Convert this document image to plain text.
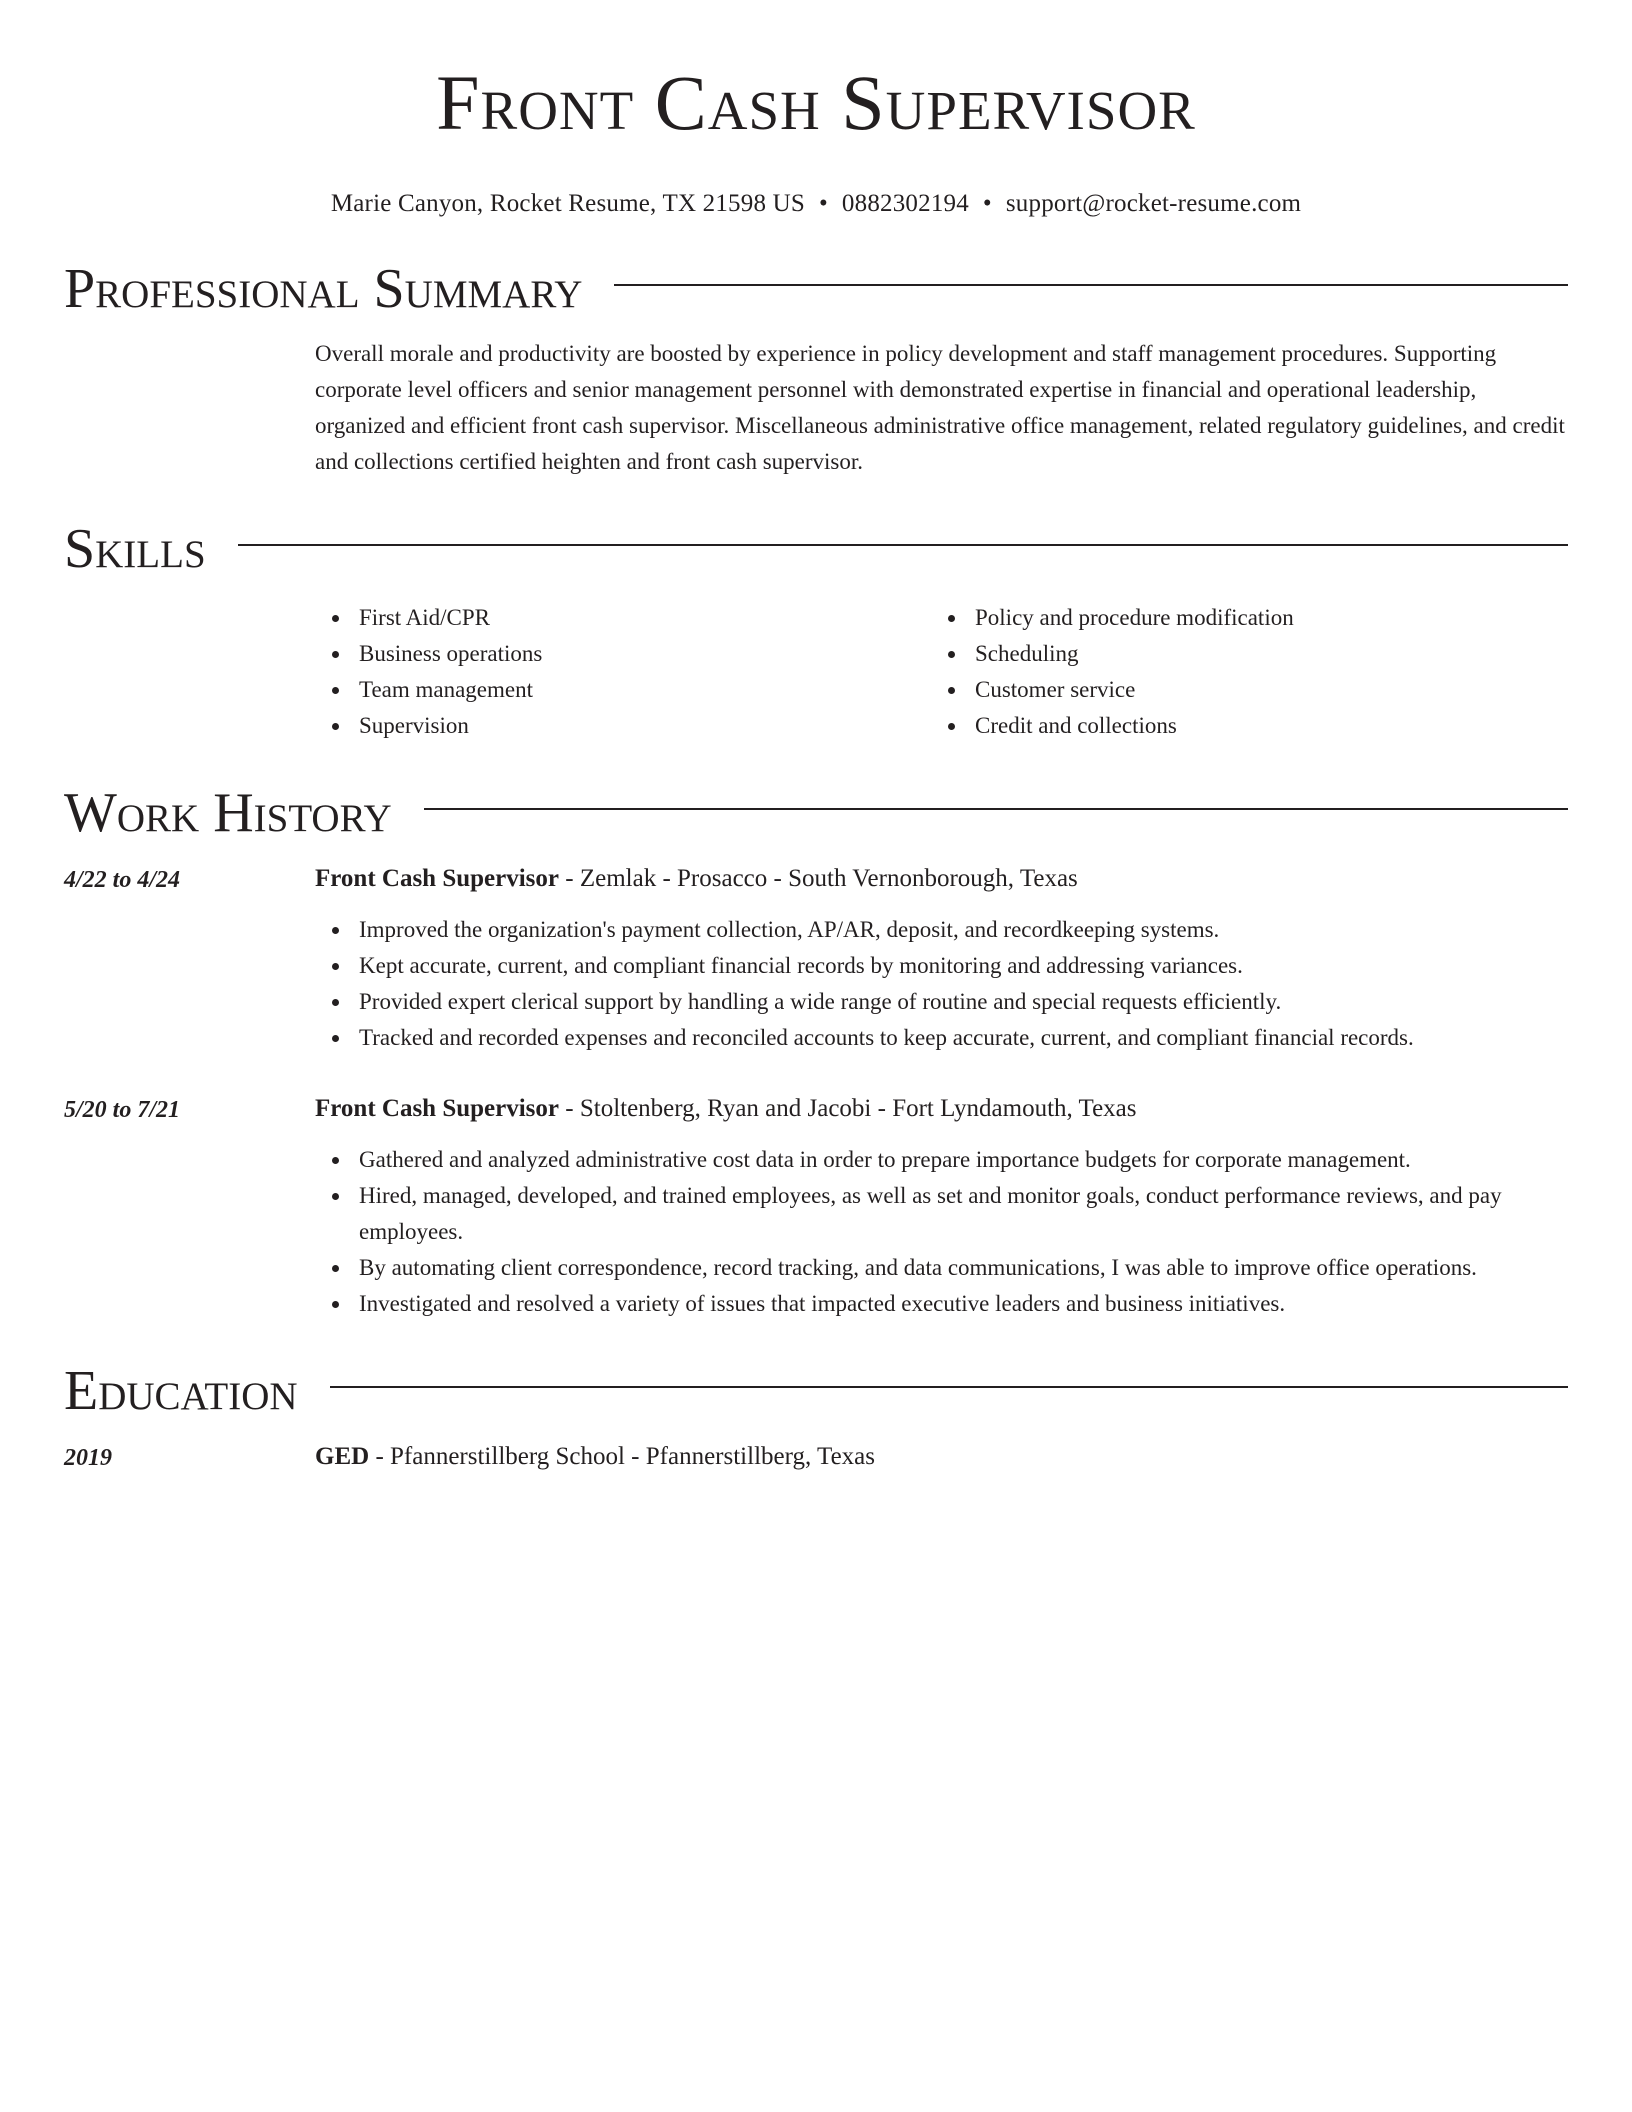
Front Cash Supervisor
Marie Canyon, Rocket Resume, TX 21598 US • 0882302194 • support@rocket-resume.com
Professional Summary
Overall morale and productivity are boosted by experience in policy development and staff management procedures. Supporting corporate level officers and senior management personnel with demonstrated expertise in financial and operational leadership, organized and efficient front cash supervisor. Miscellaneous administrative office management, related regulatory guidelines, and credit and collections certified heighten and front cash supervisor.
Skills
First Aid/CPR
Business operations
Team management
Supervision
Policy and procedure modification
Scheduling
Customer service
Credit and collections
Work History
4/22 to 4/24	Front Cash Supervisor - Zemlak - Prosacco - South Vernonborough, Texas
Improved the organization's payment collection, AP/AR, deposit, and recordkeeping systems.
Kept accurate, current, and compliant financial records by monitoring and addressing variances.
Provided expert clerical support by handling a wide range of routine and special requests efficiently.
Tracked and recorded expenses and reconciled accounts to keep accurate, current, and compliant financial records.
5/20 to 7/21	Front Cash Supervisor - Stoltenberg, Ryan and Jacobi - Fort Lyndamouth, Texas
Gathered and analyzed administrative cost data in order to prepare importance budgets for corporate management.
Hired, managed, developed, and trained employees, as well as set and monitor goals, conduct performance reviews, and pay employees.
By automating client correspondence, record tracking, and data communications, I was able to improve office operations.
Investigated and resolved a variety of issues that impacted executive leaders and business initiatives.
Education
2019	GED - Pfannerstillberg School - Pfannerstillberg, Texas
